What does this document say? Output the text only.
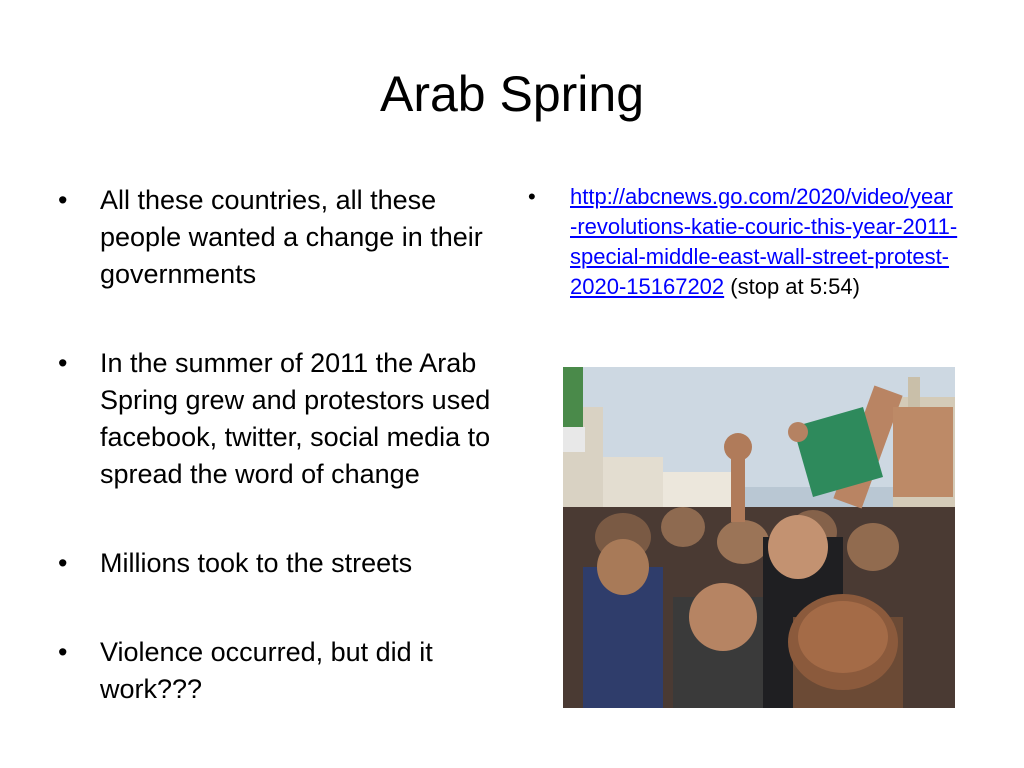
Arab Spring
•	All these countries, all these people wanted a change in their governments
•	In the summer of 2011 the Arab Spring grew and protestors used facebook, twitter, social media to spread the word of change
•	Millions took to the streets
•	Violence occurred, but did it work???
•	http://abcnews.go.com/2020/video/year-revolutions-katie-couric-this-year-2011-special-middle-east-wall-street-protest-2020-15167202 (stop at 5:54)
